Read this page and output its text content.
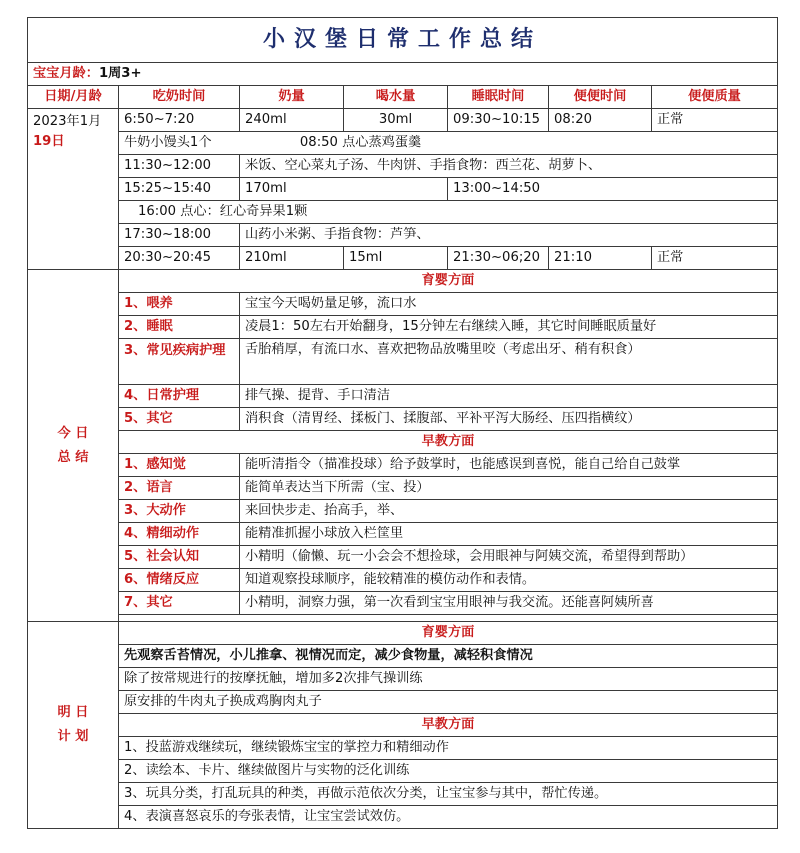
小汉堡日常工作总结						
宝宝月龄：1周3+						
日期/月龄	吃奶时间	奶量	喝水量	睡眠时间	便便时间	便便质量

2023年1月
19日	6:50~7:20	240ml	30ml	09:30~10:15	08:20	正常
	牛奶小馒头1个 08:50 点心蒸鸡蛋羹					
	11:30~12:00	米饭、空心菜丸子汤、牛肉饼、手指食物：西兰花、胡萝卜、				
	15:25~15:40	170ml		13:00~14:50		
	16:00 点心：红心奇异果1颗					
	17:30~18:00	山药小米粥、手指食物：芦笋、				
	20:30~20:45	210ml	15ml	21:30~06;20	21:10	正常

今 日
总 结	育婴方面					
	1、喂养	宝宝今天喝奶量足够，流口水				
	2、睡眠	凌晨1：50左右开始翻身，15分钟左右继续入睡，其它时间睡眠质量好				
	3、常见疾病护理	舌胎稍厚，有流口水、喜欢把物品放嘴里咬（考虑出牙、稍有积食）				
	4、日常护理	排气操、提背、手口清洁				
	5、其它	消积食（清胃经、揉板门、揉腹部、平补平泻大肠经、压四指横纹）				
	早教方面					
	1、感知觉	能听清指令（描准投球）给予鼓掌时，也能感误到喜悦，能自己给自己鼓掌				
	2、语言	能简单表达当下所需（宝、投）				
	3、大动作	来回快步走、抬高手，举、				
	4、精细动作	能精准抓握小球放入栏筐里				
	5、社会认知	小精明（偷懒、玩一小会会不想捡球，会用眼神与阿姨交流，希望得到帮助）				
	6、情绪反应	知道观察投球顺序，能较精准的模仿动作和表情。				
	7、其它	小精明，洞察力强，第一次看到宝宝用眼神与我交流。还能喜阿姨所喜				

明 日
计 划	育婴方面					
	先观察舌苔情况，小儿推拿、视情况而定，减少食物量，减轻积食情况					
	除了按常规进行的按摩抚触，增加多2次排气操训练					
	原安排的牛肉丸子换成鸡胸肉丸子					
	早教方面					
	1、投蓝游戏继续玩，继续锻炼宝宝的掌控力和精细动作					
	2、读绘本、卡片、继续做图片与实物的泛化训练					
	3、玩具分类，打乱玩具的种类，再做示范依次分类，让宝宝参与其中，帮忙传递。					
	4、表演喜怒哀乐的夸张表情，让宝宝尝试效仿。					
